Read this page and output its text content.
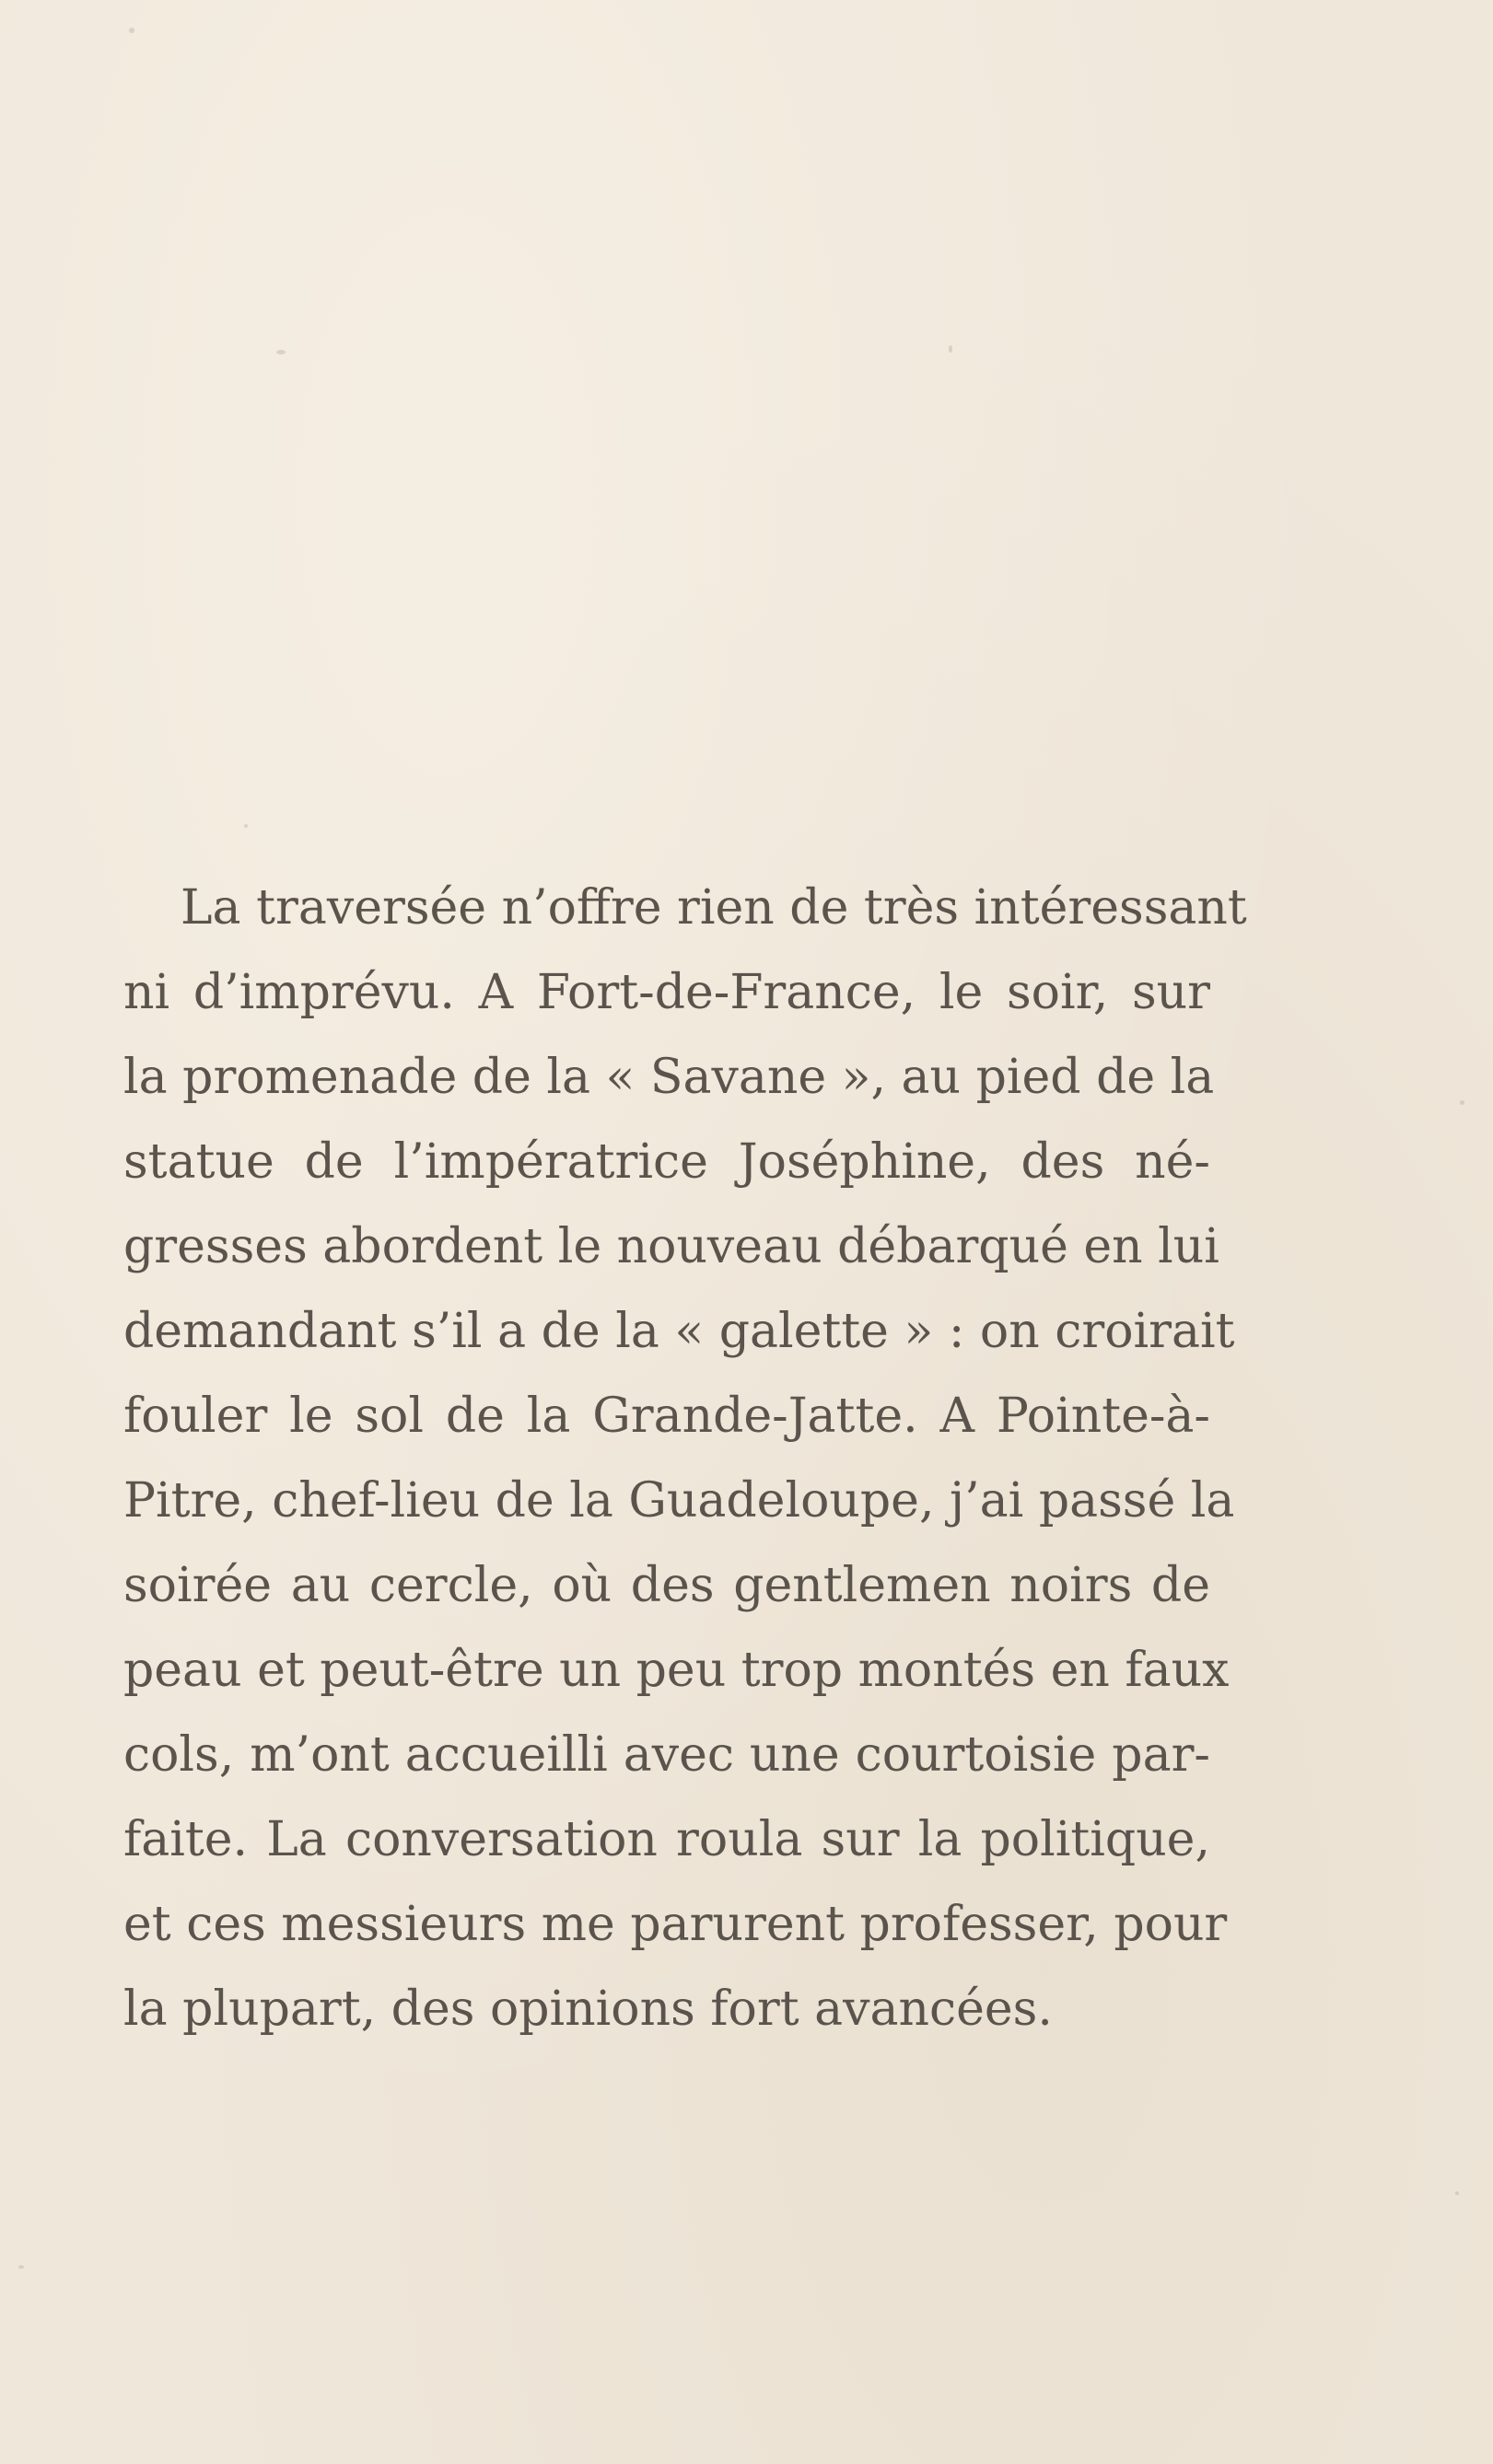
La traversée n’offre rien de très intéressant
ni d’imprévu. A Fort-de-France, le soir, sur
la promenade de la « Savane », au pied de la
statue de l’impératrice Joséphine, des né-
gresses abordent le nouveau débarqué en lui
demandant s’il a de la « galette » : on croirait
fouler le sol de la Grande-Jatte. A Pointe-à-
Pitre, chef-lieu de la Guadeloupe, j’ai passé la
soirée au cercle, où des gentlemen noirs de
peau et peut-être un peu trop montés en faux
cols, m’ont accueilli avec une courtoisie par-
faite. La conversation roula sur la politique,
et ces messieurs me parurent professer, pour
la plupart, des opinions fort avancées.
